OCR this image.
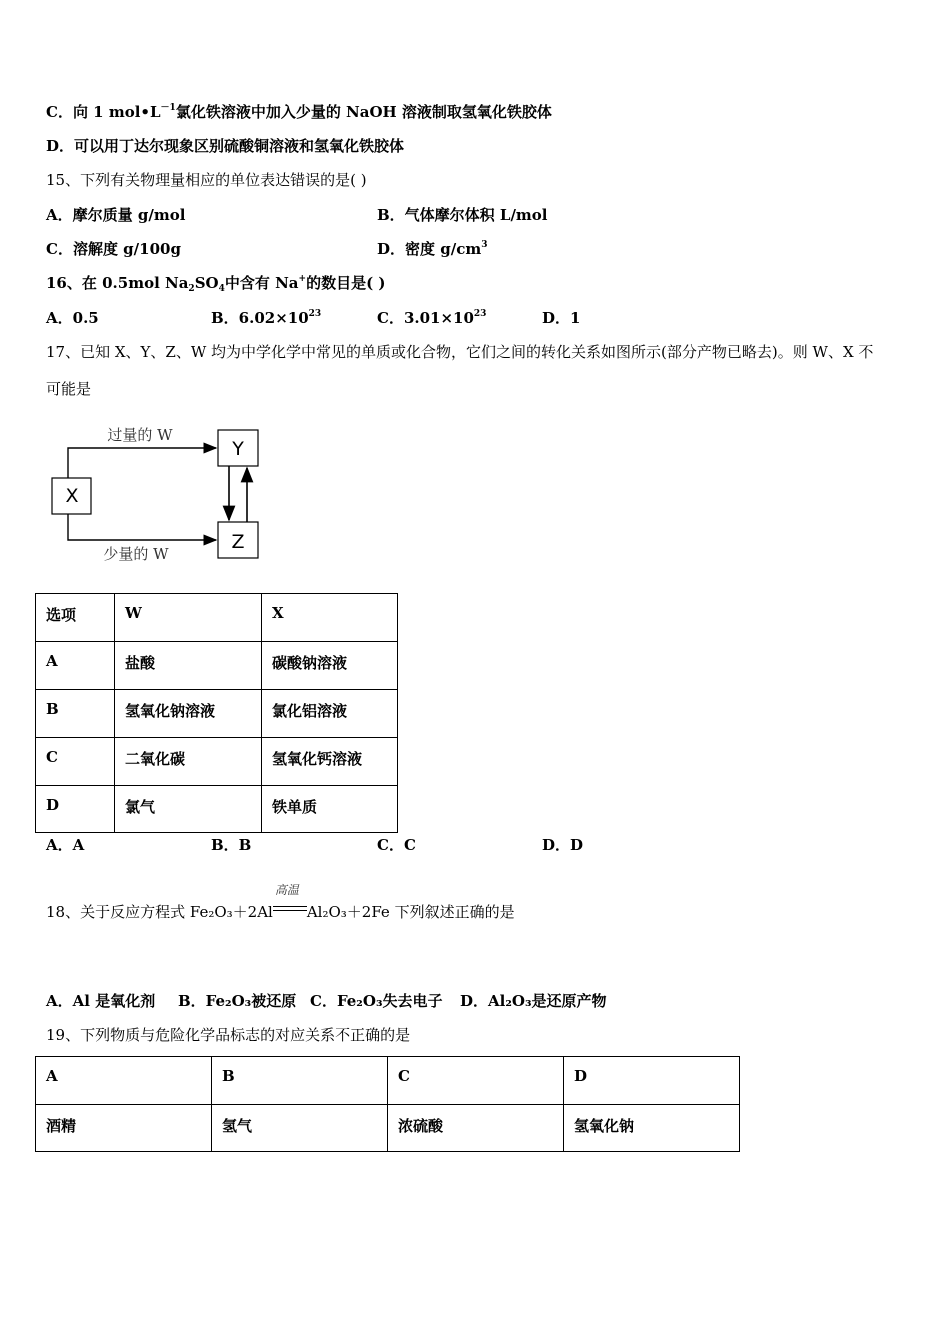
C．向 1 $mol•L^{-1}$氯化铁溶液中加入少量的 NaOH 溶液制取氢氧化铁胶体
D．可以用丁达尔现象区别硫酸铜溶液和氢氧化铁胶体
15、下列有关物理量相应的单位表达错误的是( )
A．摩尔质量 g/mol	B．气体摩尔体积 L/mol
C．溶解度 g/100g	D．密度 $g/cm^3$
16、在 0.5mol $Na_2SO_4$中含有 Na+的数目是( )
A．0.5	B．$6.02\times 10^{23}$	C．$3.01\times 10^{23}$	D．1
17、已知 X、Y、Z、W 均为中学化学中常见的单质或化合物，它们之间的转化关系如图所示(部分产物已略去)。则 W、X 不
可能是
X
Y
Z
过量的 W
少量的 W
选项	W	X
A	盐酸	碳酸钠溶液
B	氢氧化钠溶液	氯化铝溶液
C	二氧化碳	氢氧化钙溶液
D	氯气	铁单质
A．A	B．B	C．C	D．D
18、关于反应方程式 Fe₂O₃＋2Al
高温
Al₂O₃＋2Fe 下列叙述正确的是
A．Al 是氧化剂 B．Fe₂O₃被还原 C．Fe₂O₃失去电子 D．Al₂O₃是还原产物
19、下列物质与危险化学品标志的对应关系不正确的是
A	B	C	D
酒精	氢气	浓硫酸	氢氧化钠
